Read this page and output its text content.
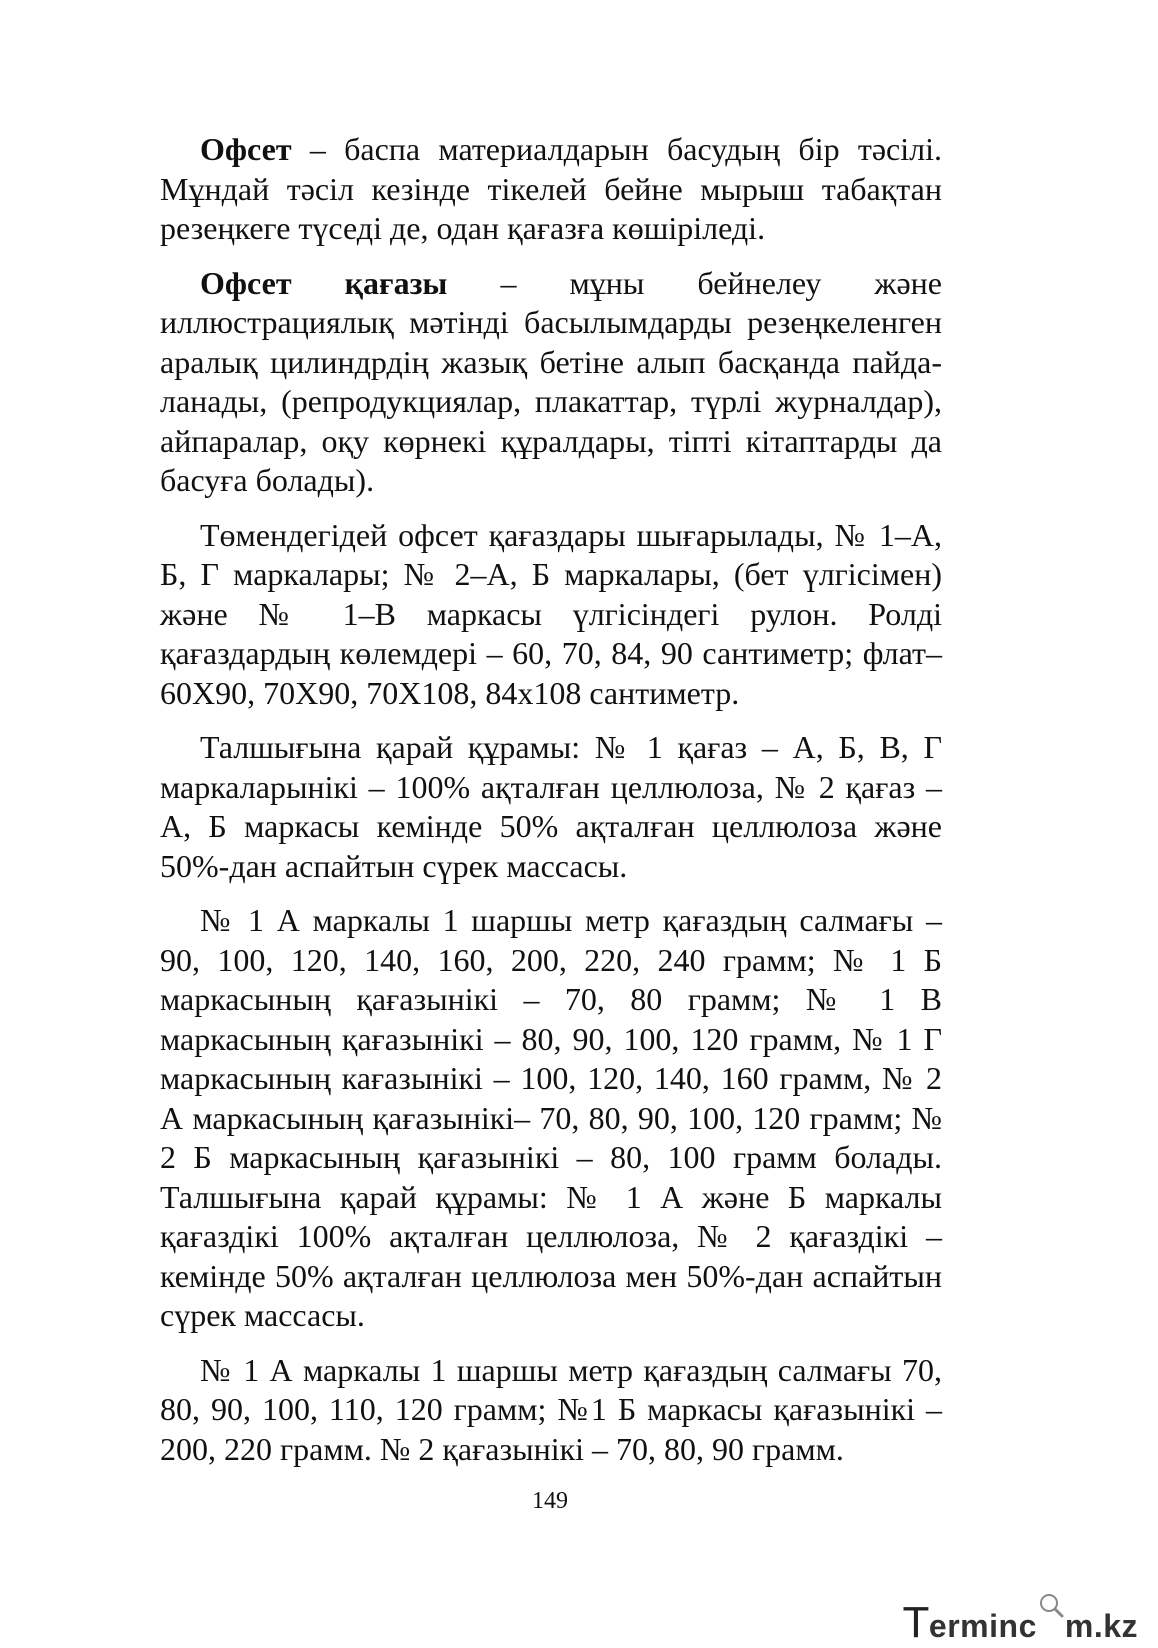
Офсет – баспа материалдарын басудың бір тәсілі. Мұндай тәсіл кезінде тікелей бейне мырыш табақтан резеңкеге түседі де, одан қағазға көшіріледі.

Офсет қағазы – мұны бейнелеу және иллюстрациялық мәтінді басылымдарды резеңкеленген аралық цилиндрдің жазық бетіне алып басқанда пайдаланады, (репродукциялар, плакаттар, түрлі журналдар), айпаралар, оқу көрнекі құралдары, тіпті кітаптарды да басуға болады).

Төмендегідей офсет қағаздары шығарылады, № 1–А, Б, Г маркалары; № 2–А, Б маркалары, (бет үлгісімен) және № 1–В маркасы үлгісіндегі рулон. Ролді қағаздардың көлемдері – 60, 70, 84, 90 сантиметр; флат– 60Х90, 70Х90, 70Х108, 84х108 сантиметр.

Талшығына қарай құрамы: № 1 қағаз – А, Б, В, Г маркаларынікі – 100% ақталған целлюлоза, № 2 қағаз – А, Б маркасы кемінде 50% ақталған целлюлоза және 50%-дан аспайтын сүрек массасы.

№ 1 А маркалы 1 шаршы метр қағаздың салмағы – 90, 100, 120, 140, 160, 200, 220, 240 грамм; № 1 Б маркасының қағазынікі – 70, 80 грамм; № 1 В маркасының қағазынікі – 80, 90, 100, 120 грамм, № 1 Г маркасының кағазынікі – 100, 120, 140, 160 грамм, № 2 А маркасының қағазынікі– 70, 80, 90, 100, 120 грамм; № 2 Б маркасының қағазынікі – 80, 100 грамм болады. Талшығына қарай құрамы: № 1 А және Б маркалы қағаздікі 100% ақталған целлюлоза, № 2 қағаздікі – кемінде 50% ақталған целлюлоза мен 50%-дан аспайтын сүрек массасы.

№ 1 А маркалы 1 шаршы метр қағаздың салмағы 70, 80, 90, 100, 110, 120 грамм; №1 Б маркасы қағазынікі – 200, 220 грамм. № 2 қағазынікі – 70, 80, 90 грамм.

149
T erminc m.kz
